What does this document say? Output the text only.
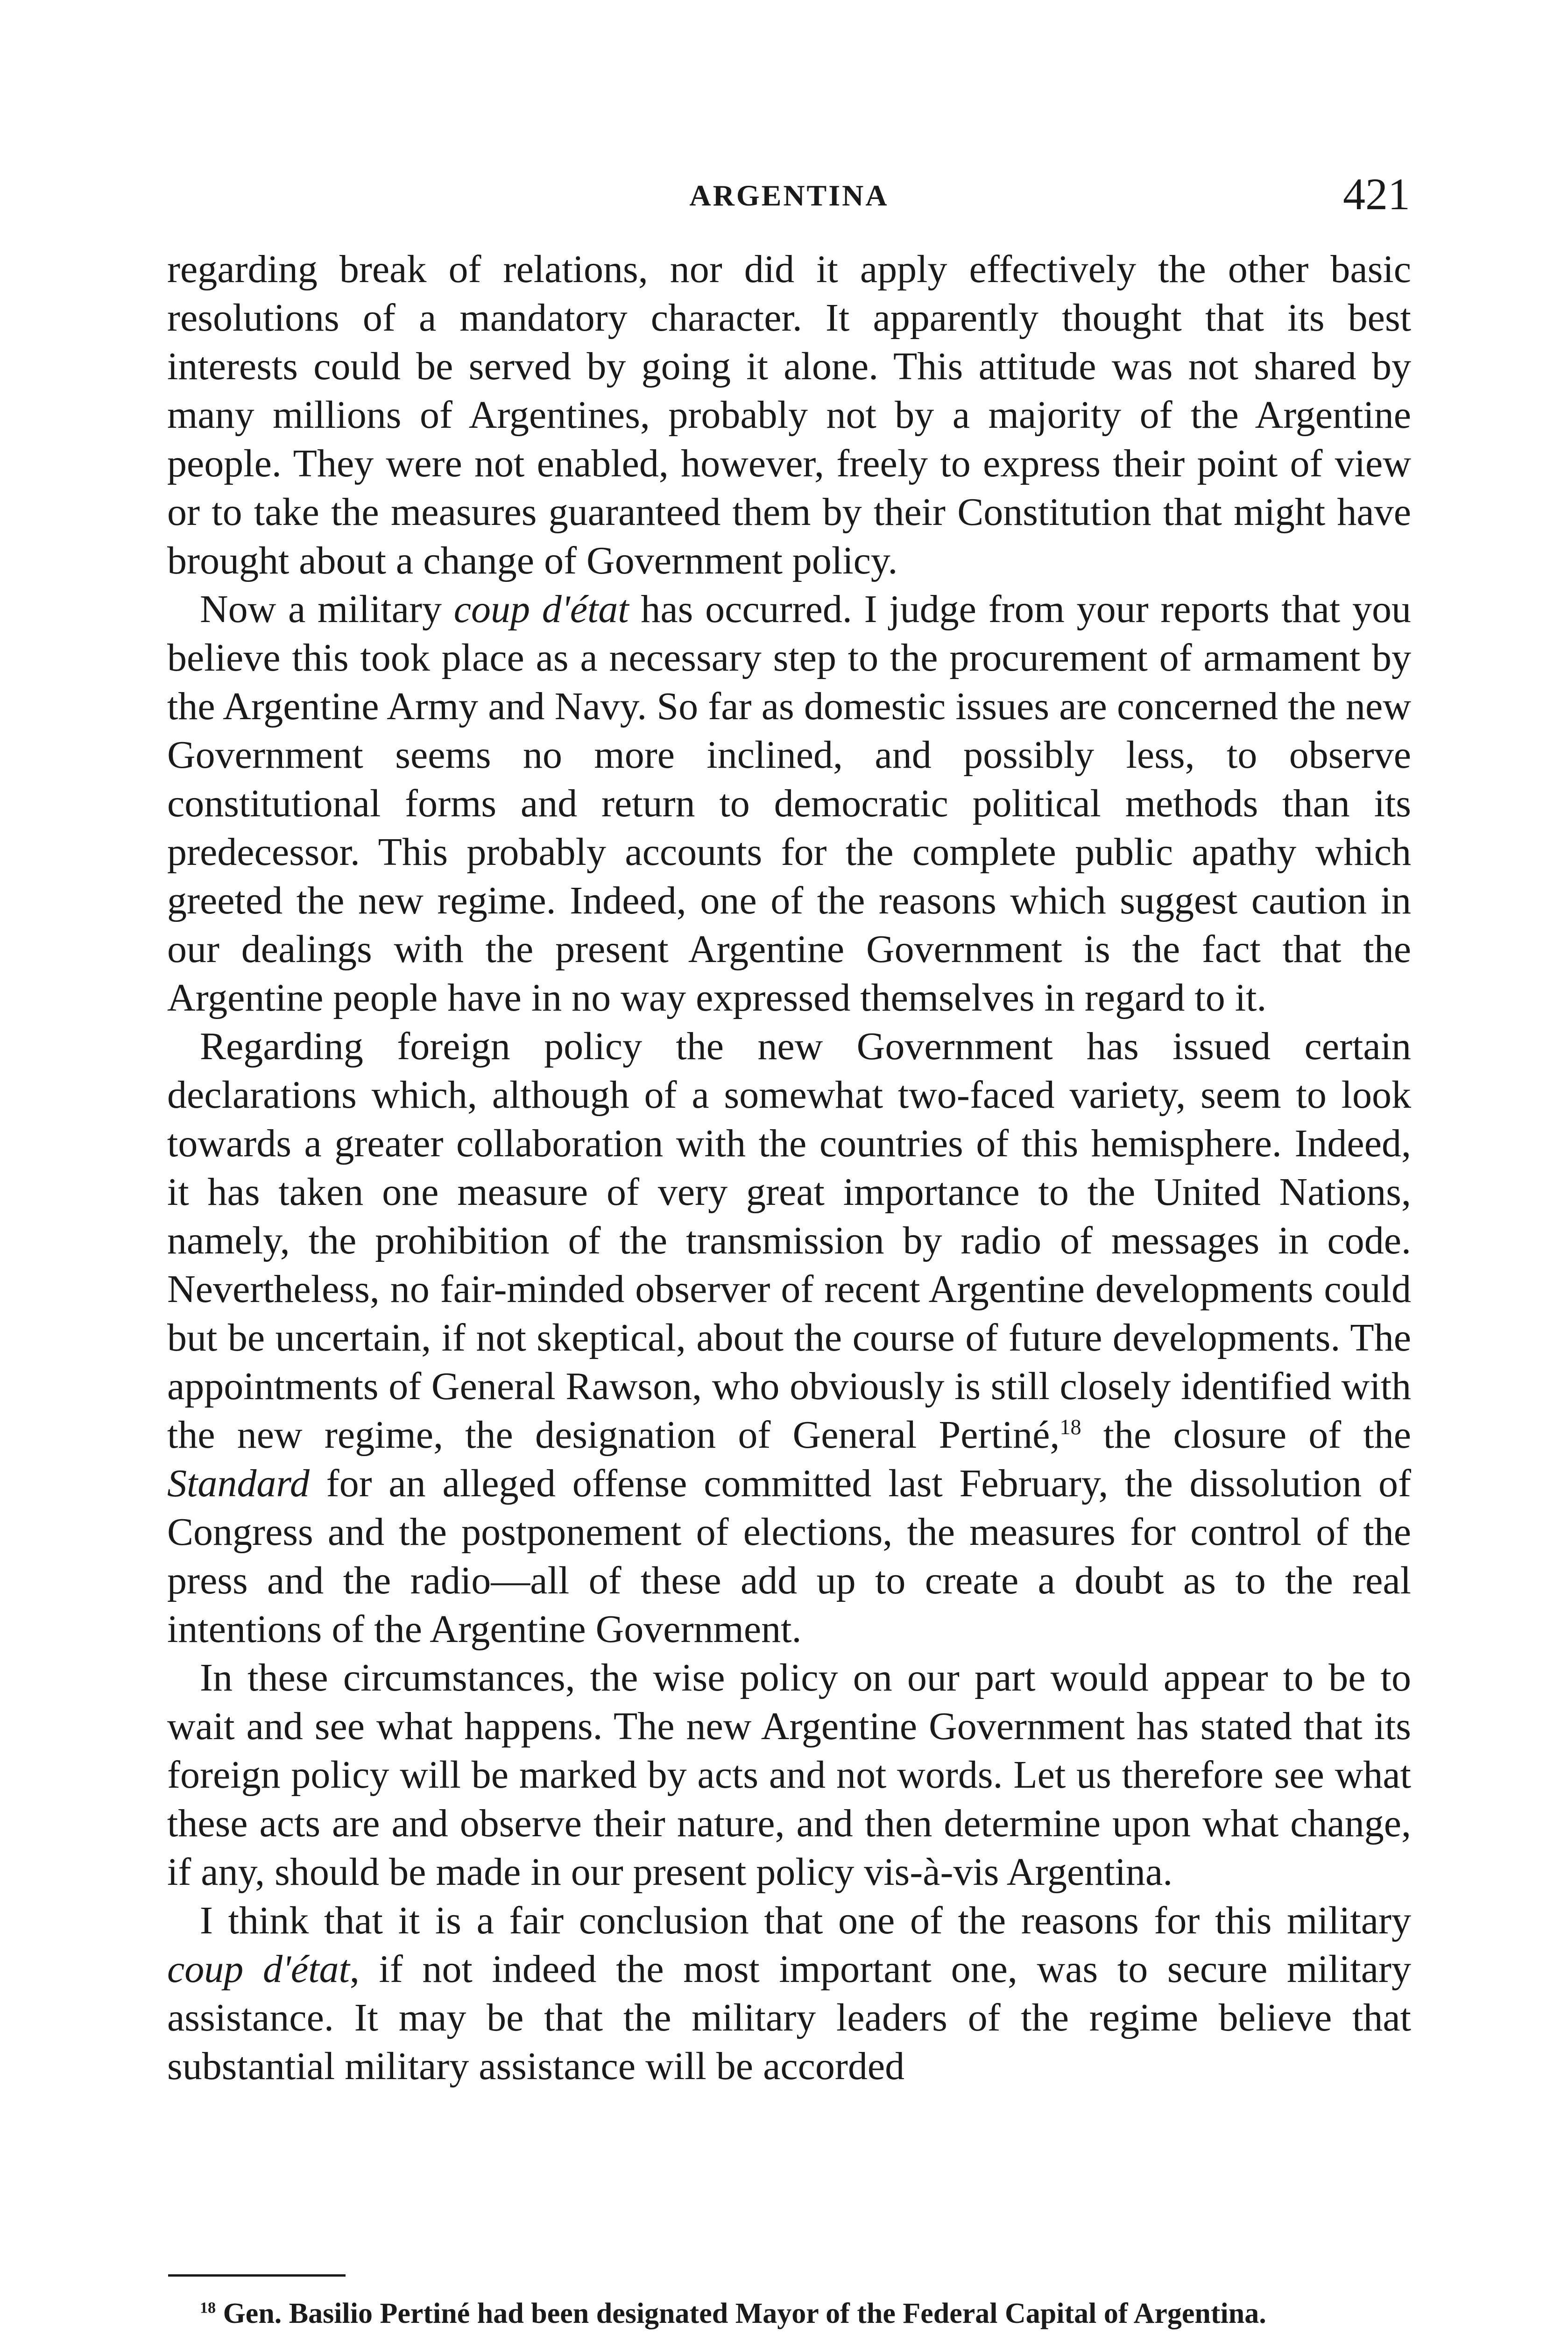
ARGENTINA	421

regarding break of relations, nor did it apply effectively the other basic resolutions of a mandatory character. It apparently thought that its best interests could be served by going it alone. This attitude was not shared by many millions of Argentines, probably not by a majority of the Argentine people. They were not enabled, however, freely to express their point of view or to take the measures guaranteed them by their Constitution that might have brought about a change of Government policy.

Now a military coup d'état has occurred. I judge from your reports that you believe this took place as a necessary step to the procurement of armament by the Argentine Army and Navy. So far as domestic issues are concerned the new Government seems no more inclined, and possibly less, to observe constitutional forms and return to democratic political methods than its predecessor. This probably accounts for the complete public apathy which greeted the new regime. Indeed, one of the reasons which suggest caution in our dealings with the present Argentine Government is the fact that the Argentine people have in no way expressed themselves in regard to it.

Regarding foreign policy the new Government has issued certain declarations which, although of a somewhat two-faced variety, seem to look towards a greater collaboration with the countries of this hemisphere. Indeed, it has taken one measure of very great importance to the United Nations, namely, the prohibition of the transmission by radio of messages in code. Nevertheless, no fair-minded observer of recent Argentine developments could but be uncertain, if not skeptical, about the course of future developments. The appointments of General Rawson, who obviously is still closely identified with the new regime, the designation of General Pertiné,$^{18}$ the closure of the Standard for an alleged offense committed last February, the dissolution of Congress and the postponement of elections, the measures for control of the press and the radio—all of these add up to create a doubt as to the real intentions of the Argentine Government.

In these circumstances, the wise policy on our part would appear to be to wait and see what happens. The new Argentine Government has stated that its foreign policy will be marked by acts and not words. Let us therefore see what these acts are and observe their nature, and then determine upon what change, if any, should be made in our present policy vis-à-vis Argentina.

I think that it is a fair conclusion that one of the reasons for this military coup d'état, if not indeed the most important one, was to secure military assistance. It may be that the military leaders of the regime believe that substantial military assistance will be accorded

$^{18}$ Gen. Basilio Pertiné had been designated Mayor of the Federal Capital of Argentina.
